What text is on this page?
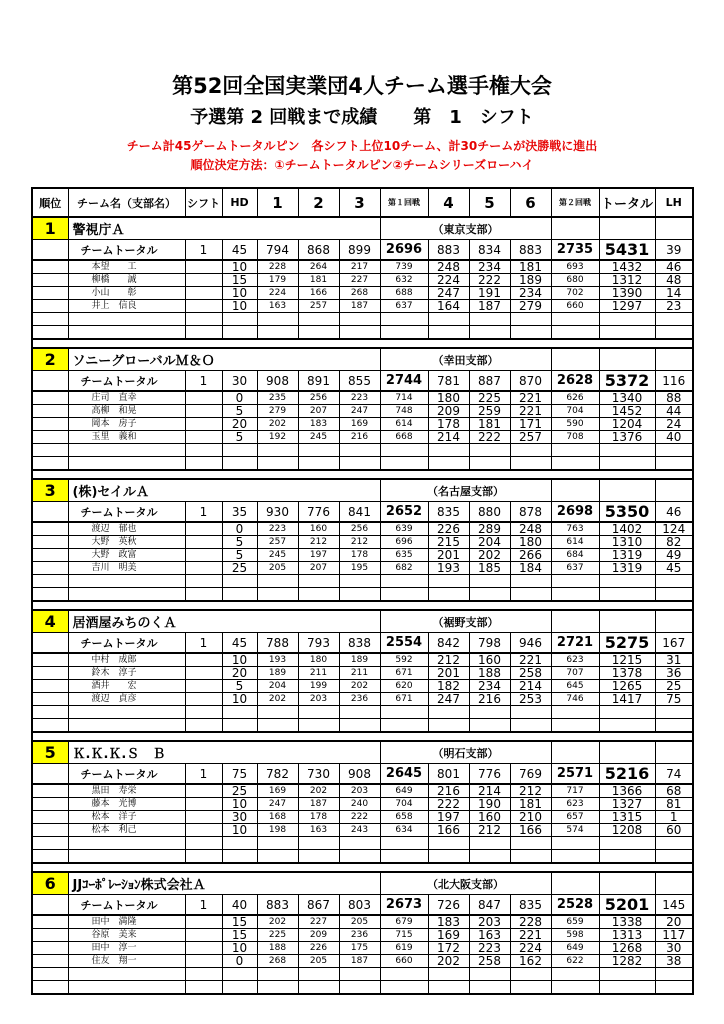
第52回全国実業団4人チーム選手権大会
予選第 2 回戦まで成績　　第　1　シフト
チーム計45ゲームトータルピン　各シフト上位10チーム、計30チームが決勝戦に進出
順位決定方法：①チームトータルピン②チームシリーズローハイ
順位	チーム名（支部名）	シフト	HD	1	2	3	第１回戦	4	5	6	第２回戦	トータル	LH
1	警視庁Ａ						（東京支部）						
	チームトータル	1	45	794	868	899	2696	883	834	883	2735	5431	39
	本望　　工		10	228	264	217	739	248	234	181	693	1432	46
	柳橋　　誠		15	179	181	227	632	224	222	189	680	1312	48
	小山　　彰		10	224	166	268	688	247	191	234	702	1390	14
	井上　信良		10	163	257	187	637	164	187	279	660	1297	23

2	ソニーグローバルＭ＆Ｏ						（幸田支部）						
	チームトータル	1	30	908	891	855	2744	781	887	870	2628	5372	116
	庄司　直幸		0	235	256	223	714	180	225	221	626	1340	88
	高柳　和晃		5	279	207	247	748	209	259	221	704	1452	44
	岡本　房子		20	202	183	169	614	178	181	171	590	1204	24
	玉里　義和		5	192	245	216	668	214	222	257	708	1376	40

3	(株)セイルＡ						（名古屋支部）						
	チームトータル	1	35	930	776	841	2652	835	880	878	2698	5350	46
	渡辺　郁也		0	223	160	256	639	226	289	248	763	1402	124
	大野　英秋		5	257	212	212	696	215	204	180	614	1310	82
	大野　政富		5	245	197	178	635	201	202	266	684	1319	49
	吉川　明美		25	205	207	195	682	193	185	184	637	1319	45

4	居酒屋みちのくＡ						（裾野支部）						
	チームトータル	1	45	788	793	838	2554	842	798	946	2721	5275	167
	中村　成郎		10	193	180	189	592	212	160	221	623	1215	31
	鈴木　淳子		20	189	211	211	671	201	188	258	707	1378	36
	酒井　　宏		5	204	199	202	620	182	234	214	645	1265	25
	渡辺　貞彦		10	202	203	236	671	247	216	253	746	1417	75

5	Ｋ.Ｋ.Ｋ.Ｓ　Ｂ						（明石支部）						
	チームトータル	1	75	782	730	908	2645	801	776	769	2571	5216	74
	黒田　寿栄		25	169	202	203	649	216	214	212	717	1366	68
	藤本　光博		10	247	187	240	704	222	190	181	623	1327	81
	松本　洋子		30	168	178	222	658	197	160	210	657	1315	1
	松本　利己		10	198	163	243	634	166	212	166	574	1208	60

6	JJｺｰﾎﾟﾚｰｼｮﾝ株式会社Ａ						（北大阪支部）						
	チームトータル	1	40	883	867	803	2673	726	847	835	2528	5201	145
	田中　満隆		15	202	227	205	679	183	203	228	659	1338	20
	谷原　美来		15	225	209	236	715	169	163	221	598	1313	117
	田中　淳一		10	188	226	175	619	172	223	224	649	1268	30
	住友　翔一		0	268	205	187	660	202	258	162	622	1282	38
